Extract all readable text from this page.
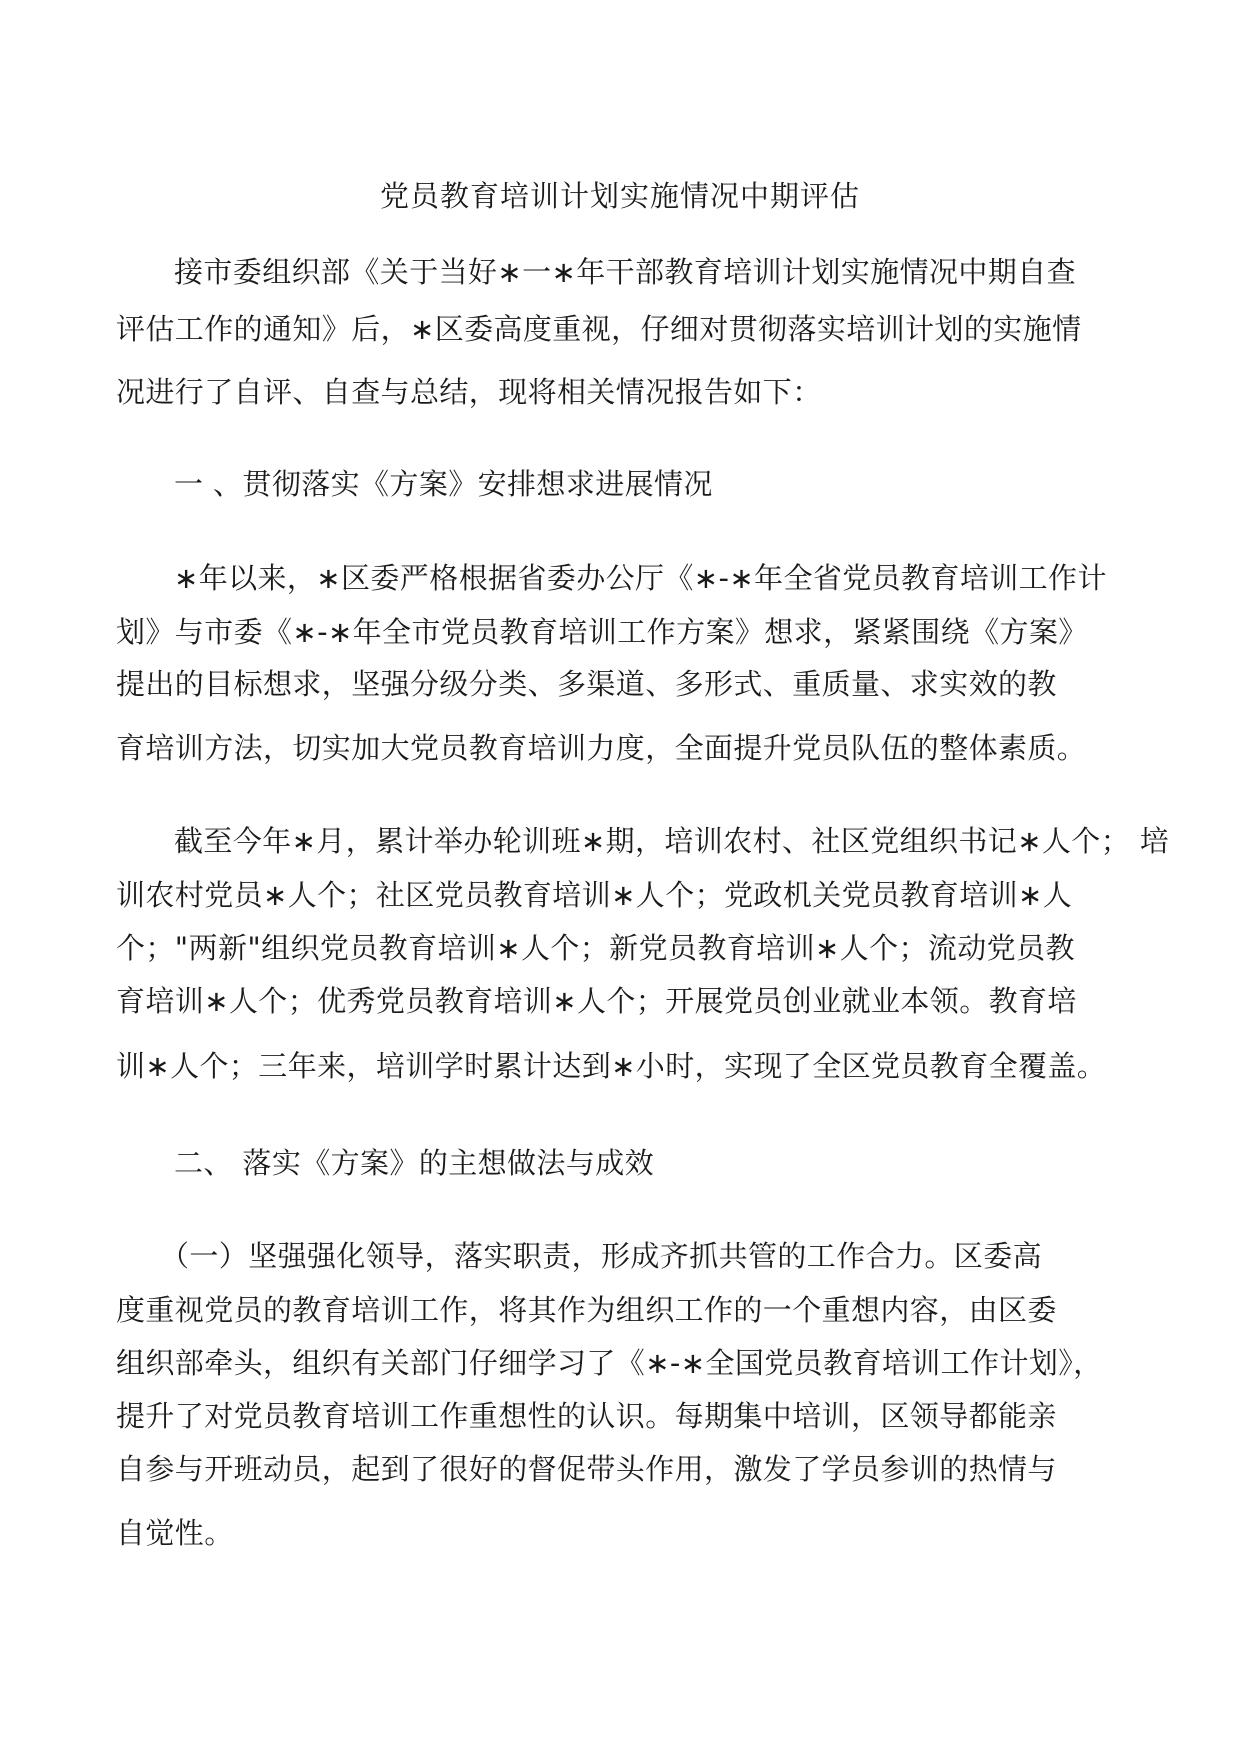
党员教育培训计划实施情况中期评估
接市委组织部《关于当好∗一∗年干部教育培训计划实施情况中期自查
评估工作的通知》后，∗区委高度重视，仔细对贯彻落实培训计划的实施情
况进行了自评、自查与总结，现将相关情况报告如下：
一 、贯彻落实《方案》安排想求进展情况
∗年以来，∗区委严格根据省委办公厅《∗-∗年全省党员教育培训工作计
划》与市委《∗-∗年全市党员教育培训工作方案》想求，紧紧围绕《方案》
提出的目标想求，坚强分级分类、多渠道、多形式、重质量、求实效的教
育培训方法，切实加大党员教育培训力度，全面提升党员队伍的整体素质。
截至今年∗月，累计举办轮训班∗期，培训农村、社区党组织书记∗人个； 培
训农村党员∗人个；社区党员教育培训∗人个；党政机关党员教育培训∗人
个；"两新"组织党员教育培训∗人个；新党员教育培训∗人个；流动党员教
育培训∗人个；优秀党员教育培训∗人个；开展党员创业就业本领。教育培
训∗人个；三年来，培训学时累计达到∗小时，实现了全区党员教育全覆盖。
二、 落实《方案》的主想做法与成效
（一）坚强强化领导，落实职责，形成齐抓共管的工作合力。区委高
度重视党员的教育培训工作，将其作为组织工作的一个重想内容，由区委
组织部牵头，组织有关部门仔细学习了《∗-∗全国党员教育培训工作计划》，
提升了对党员教育培训工作重想性的认识。每期集中培训，区领导都能亲
自参与开班动员，起到了很好的督促带头作用，激发了学员参训的热情与
自觉性。
